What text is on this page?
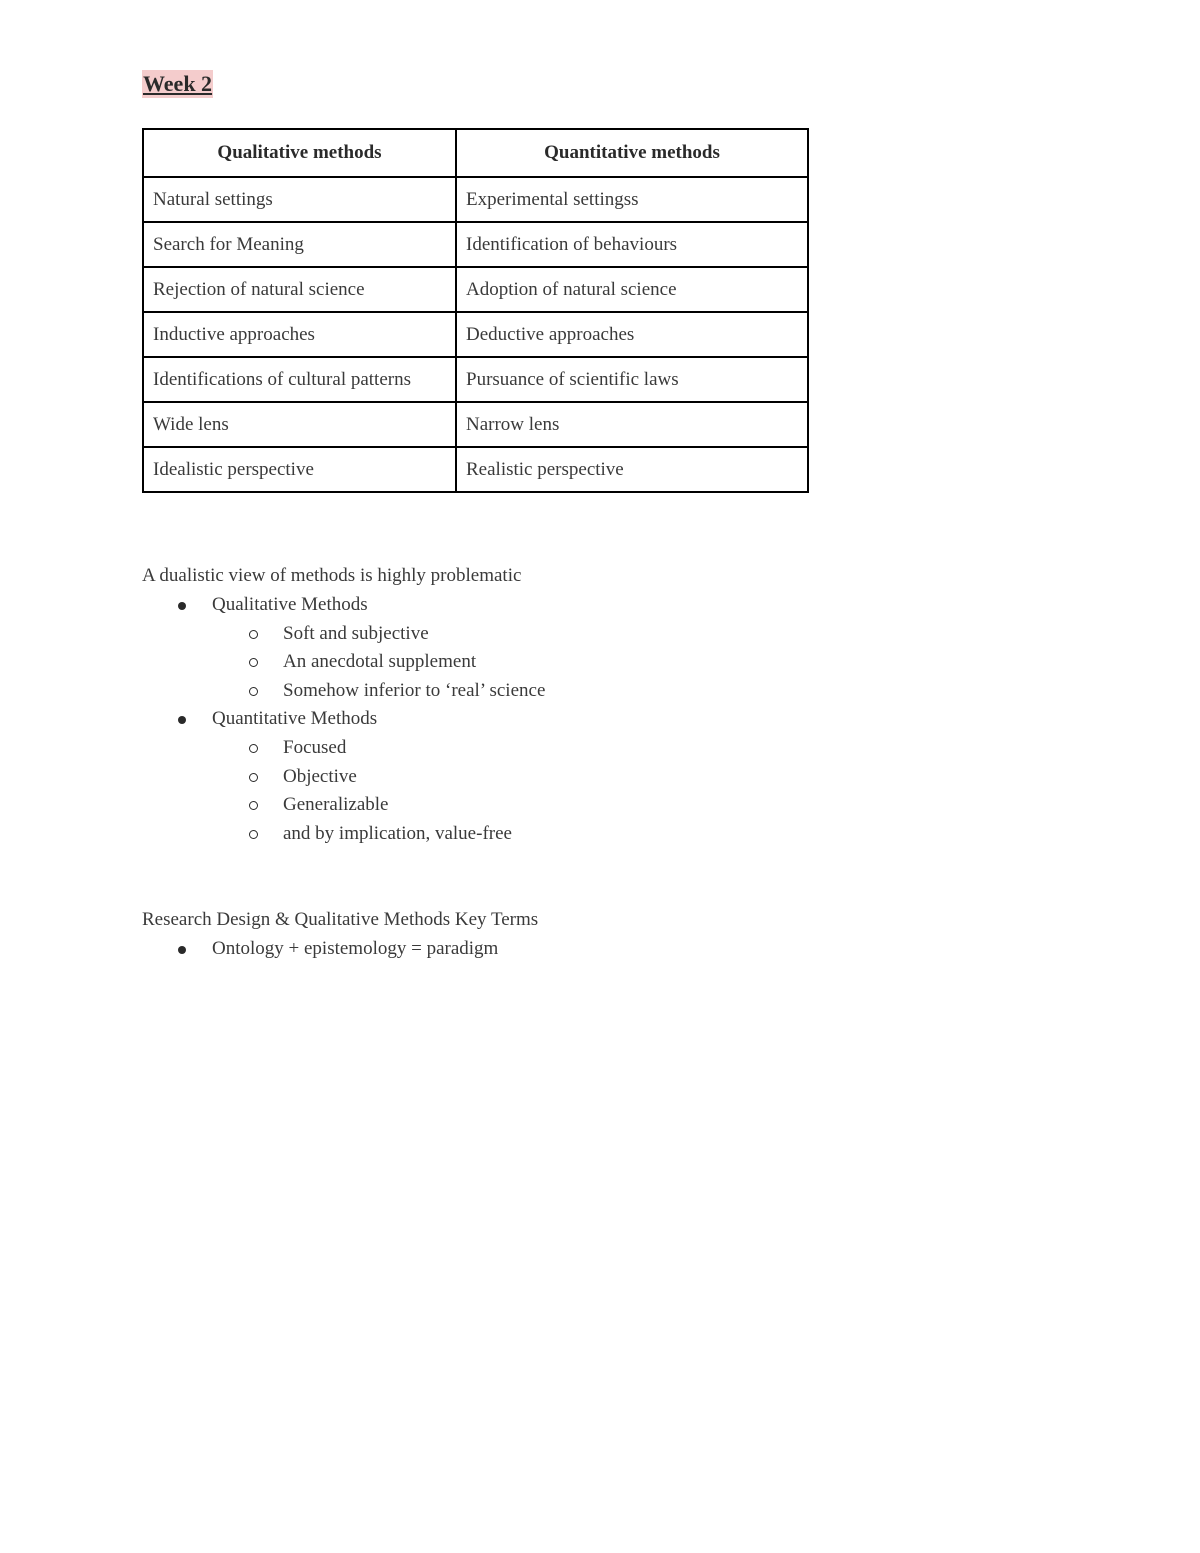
Week 2
Qualitative methods	Quantitative methods
Natural settings	Experimental settingss
Search for Meaning	Identification of behaviours
Rejection of natural science	Adoption of natural science
Inductive approaches	Deductive approaches
Identifications of cultural patterns	Pursuance of scientific laws
Wide lens	Narrow lens
Idealistic perspective	Realistic perspective
A dualistic view of methods is highly problematic
Qualitative Methods
Soft and subjective
An anecdotal supplement
Somehow inferior to ‘real’ science
Quantitative Methods
Focused
Objective
Generalizable
and by implication, value-free
Research Design & Qualitative Methods Key Terms
Ontology + epistemology = paradigm
